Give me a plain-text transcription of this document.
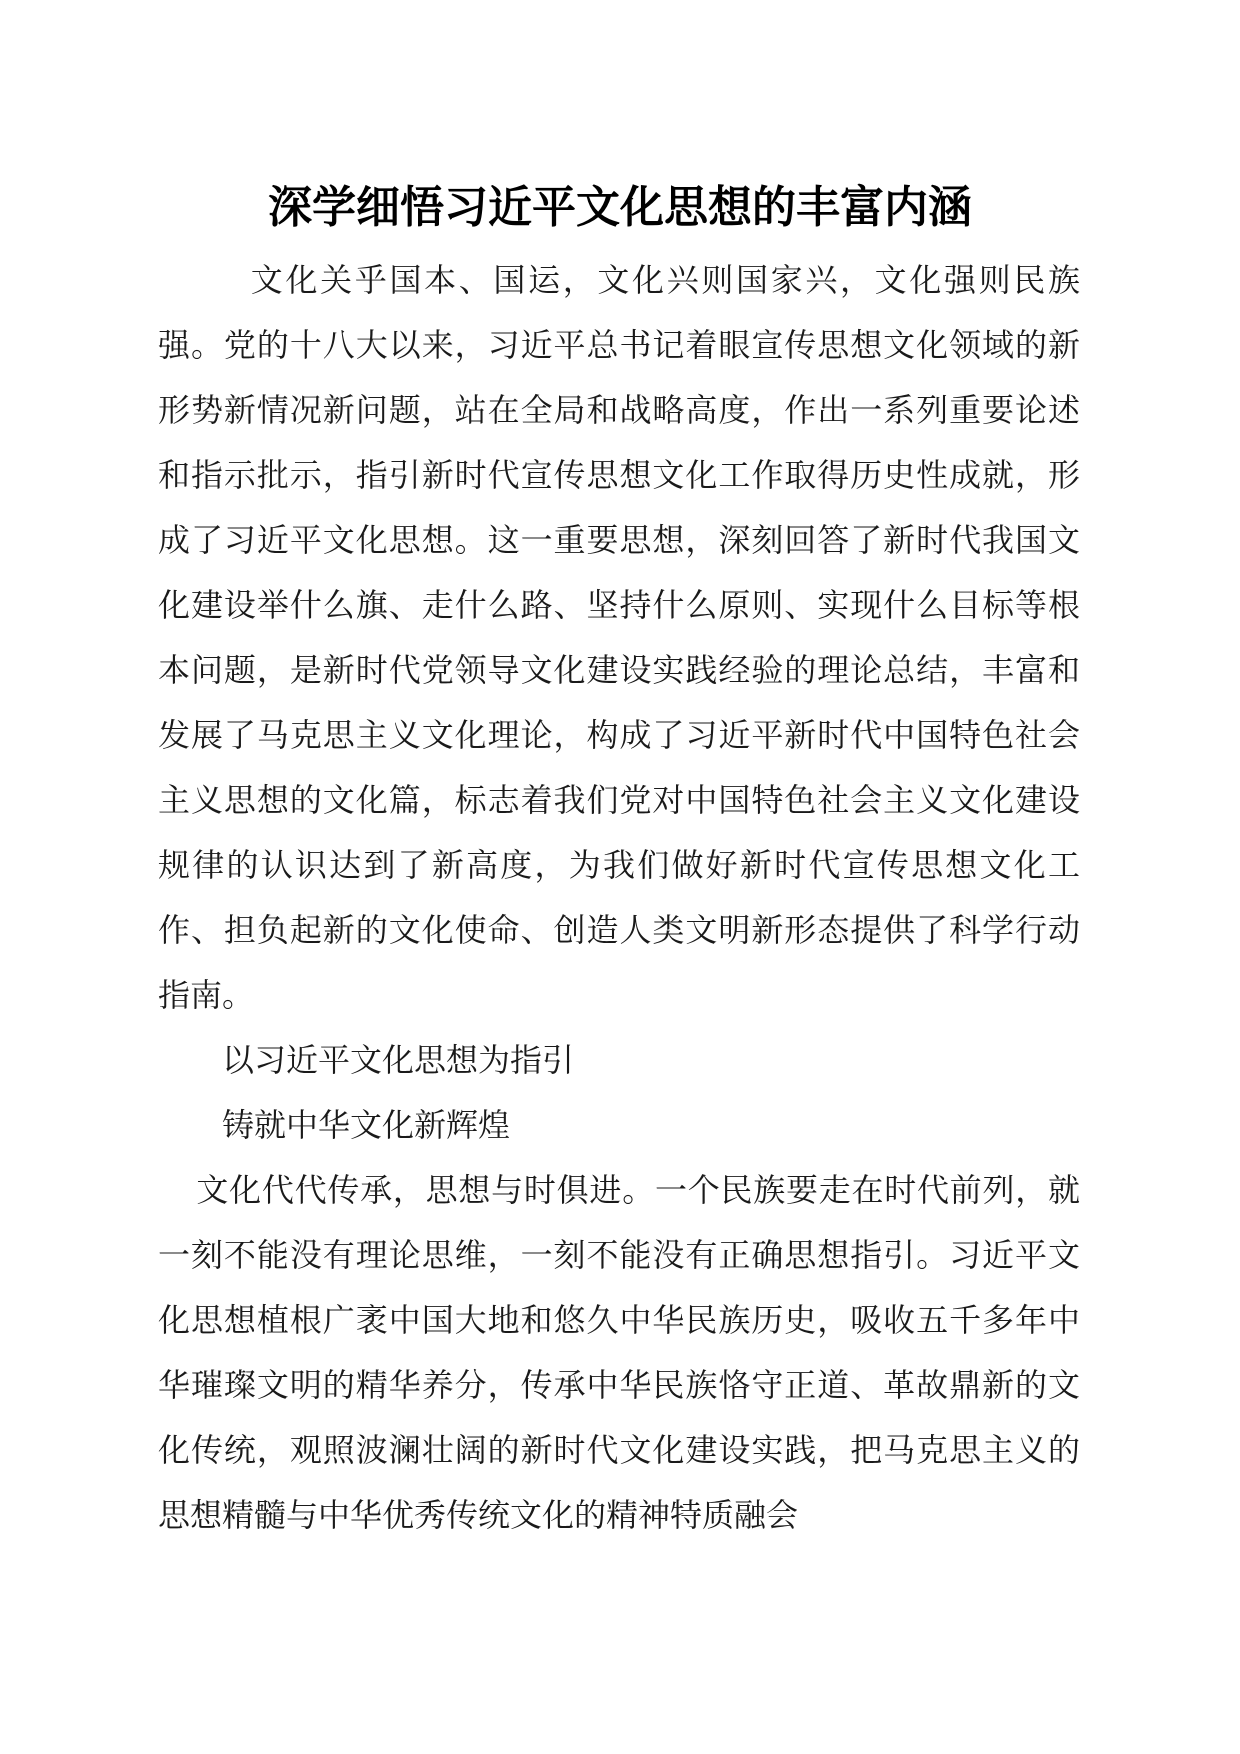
深学细悟习近平文化思想的丰富内涵

文化关乎国本、国运，文化兴则国家兴，文化强则民族强。党的十八大以来，习近平总书记着眼宣传思想文化领域的新形势新情况新问题，站在全局和战略高度，作出一系列重要论述和指示批示，指引新时代宣传思想文化工作取得历史性成就，形成了习近平文化思想。这一重要思想，深刻回答了新时代我国文化建设举什么旗、走什么路、坚持什么原则、实现什么目标等根本问题，是新时代党领导文化建设实践经验的理论总结，丰富和发展了马克思主义文化理论，构成了习近平新时代中国特色社会主义思想的文化篇，标志着我们党对中国特色社会主义文化建设规律的认识达到了新高度，为我们做好新时代宣传思想文化工作、担负起新的文化使命、创造人类文明新形态提供了科学行动指南。

以习近平文化思想为指引

铸就中华文化新辉煌

文化代代传承，思想与时俱进。一个民族要走在时代前列，就一刻不能没有理论思维，一刻不能没有正确思想指引。习近平文化思想植根广袤中国大地和悠久中华民族历史，吸收五千多年中华璀璨文明的精华养分，传承中华民族恪守正道、革故鼎新的文化传统，观照波澜壮阔的新时代文化建设实践，把马克思主义的思想精髓与中华优秀传统文化的精神特质融会
